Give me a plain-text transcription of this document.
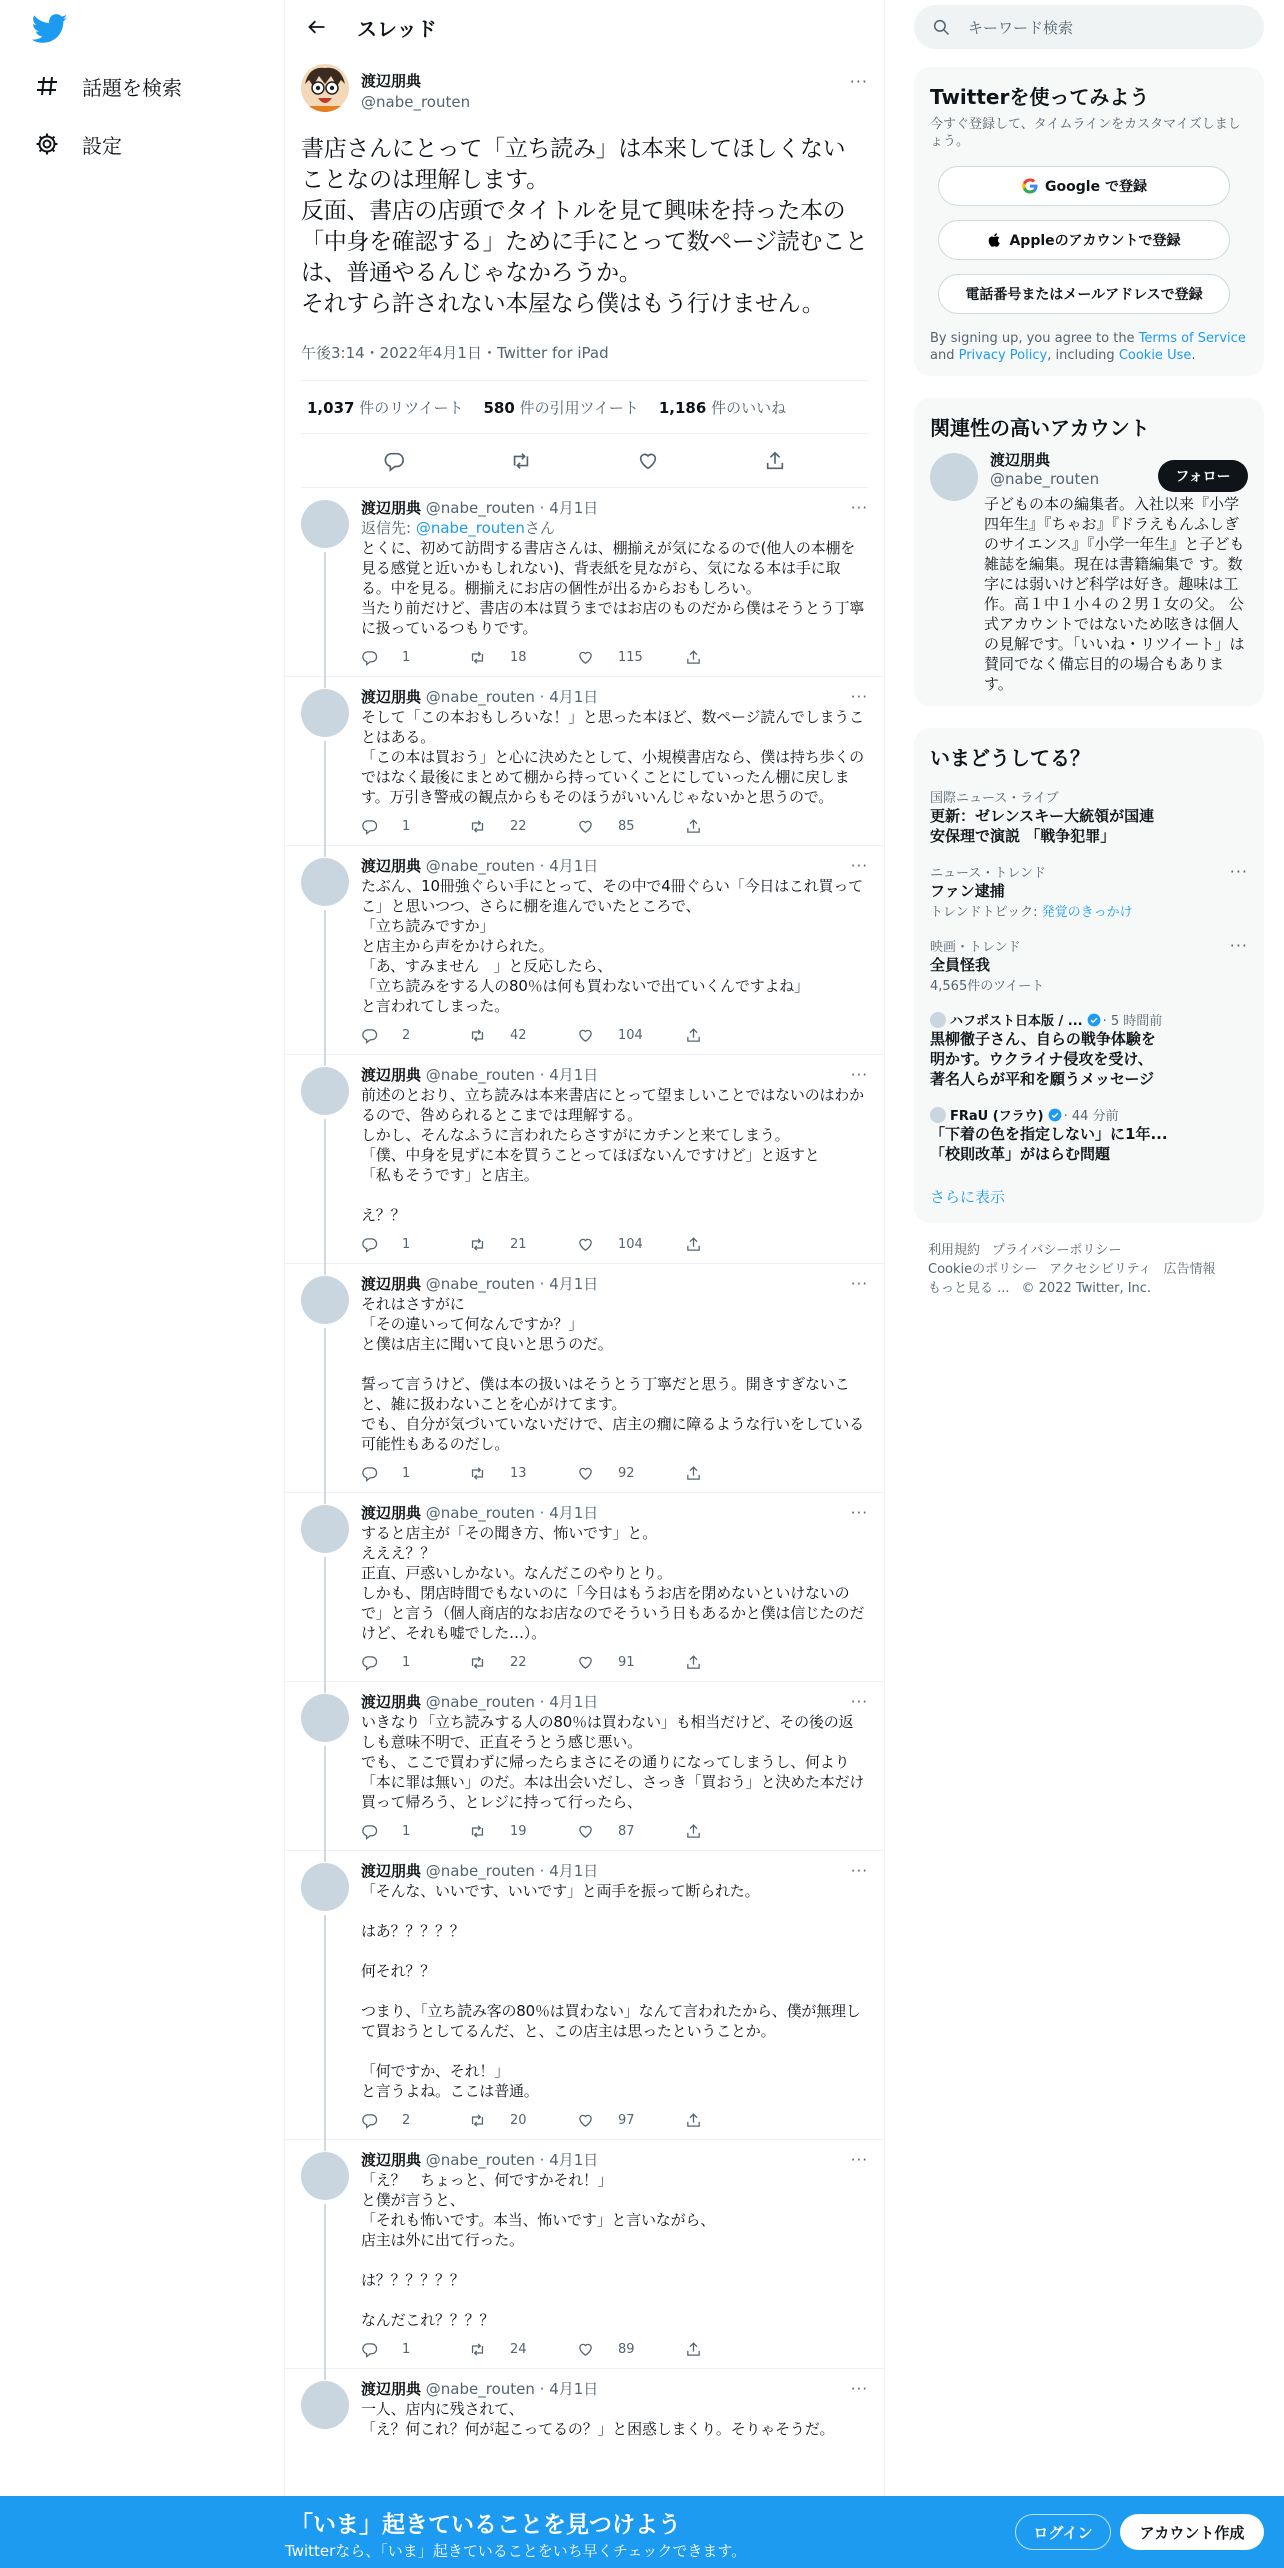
話題を検索
設定
スレッド
渡辺朋典
@nabe_routen
···
書店さんにとって「立ち読み」は本来してほしくないことなのは理解します。
反面、書店の店頭でタイトルを見て興味を持った本の「中身を確認する」ために手にとって数ページ読むことは、普通やるんじゃなかろうか。
それすら許されない本屋なら僕はもう行けません。
午後3:14・2022年4月1日・Twitter for iPad
1,037 件のリツイート 580 件の引用ツイート 1,186 件のいいね
渡辺朋典 @nabe_routen · 4月1日	···
返信先: @nabe_routenさん
とくに、初めて訪問する書店さんは、棚揃えが気になるので(他人の本棚を見る感覚と近いかもしれない)、背表紙を見ながら、気になる本は手に取る。中を見る。棚揃えにお店の個性が出るからおもしろい。
当たり前だけど、書店の本は買うまではお店のものだから僕はそうとう丁寧に扱っているつもりです。
1	18	115
渡辺朋典 @nabe_routen · 4月1日	···
そして「この本おもしろいな！」と思った本ほど、数ページ読んでしまうことはある。
「この本は買おう」と心に決めたとして、小規模書店なら、僕は持ち歩くのではなく最後にまとめて棚から持っていくことにしていったん棚に戻します。万引き警戒の観点からもそのほうがいいんじゃないかと思うので。
1	22	85
渡辺朋典 @nabe_routen · 4月1日	···
たぶん、10冊強ぐらい手にとって、その中で4冊ぐらい「今日はこれ買ってこ」と思いつつ、さらに棚を進んでいたところで、
「立ち読みですか」
と店主から声をかけられた。
「あ、すみません　」と反応したら、
「立ち読みをする人の80％は何も買わないで出ていくんですよね」
と言われてしまった。
2	42	104
渡辺朋典 @nabe_routen · 4月1日	···
前述のとおり、立ち読みは本来書店にとって望ましいことではないのはわかるので、咎められるとこまでは理解する。
しかし、そんなふうに言われたらさすがにカチンと来てしまう。
「僕、中身を見ずに本を買うことってほぼないんですけど」と返すと
「私もそうです」と店主。

え？？
1	21	104
渡辺朋典 @nabe_routen · 4月1日	···
それはさすがに
「その違いって何なんですか？」
と僕は店主に聞いて良いと思うのだ。

誓って言うけど、僕は本の扱いはそうとう丁寧だと思う。開きすぎないこと、雑に扱わないことを心がけてます。
でも、自分が気づいていないだけで、店主の癇に障るような行いをしている可能性もあるのだし。
1	13	92
渡辺朋典 @nabe_routen · 4月1日	···
すると店主が「その聞き方、怖いです」と。
えええ？？
正直、戸惑いしかない。なんだこのやりとり。
しかも、閉店時間でもないのに「今日はもうお店を閉めないといけないので」と言う（個人商店的なお店なのでそういう日もあるかと僕は信じたのだけど、それも嘘でした…）。
1	22	91
渡辺朋典 @nabe_routen · 4月1日	···
いきなり「立ち読みする人の80％は買わない」も相当だけど、その後の返しも意味不明で、正直そうとう感じ悪い。
でも、ここで買わずに帰ったらまさにその通りになってしまうし、何より「本に罪は無い」のだ。本は出会いだし、さっき「買おう」と決めた本だけ買って帰ろう、とレジに持って行ったら、
1	19	87
渡辺朋典 @nabe_routen · 4月1日	···
「そんな、いいです、いいです」と両手を振って断られた。

はあ？？？？？

何それ？？

つまり、「立ち読み客の80％は買わない」なんて言われたから、僕が無理して買おうとしてるんだ、と、この店主は思ったということか。

「何ですか、それ！」
と言うよね。ここは普通。
2	20	97
渡辺朋典 @nabe_routen · 4月1日	···
「え？　ちょっと、何ですかそれ！」
と僕が言うと、
「それも怖いです。本当、怖いです」と言いながら、
店主は外に出て行った。

は？？？？？？

なんだこれ？？？？
1	24	89
渡辺朋典 @nabe_routen · 4月1日	···
一人、店内に残されて、
「え？何これ？何が起こってるの？」と困惑しまくり。そりゃそうだ。
キーワード検索
Twitterを使ってみよう
今すぐ登録して、タイムラインをカスタマイズしましょう。
Google で登録
Appleのアカウントで登録
電話番号またはメールアドレスで登録
By signing up, you agree to the Terms of Service and Privacy Policy, including Cookie Use.
関連性の高いアカウント
渡辺朋典
@nabe_routen
子どもの本の編集者。入社以来『小学四年生』『ちゃお』『ドラえもんふしぎのサイエンス』『小学一年生』と子ども雑誌を編集。現在は書籍編集で す。数字には弱いけど科学は好き。趣味は工作。高１中１小４の２男１女の父。 公式アカウントではないため呟きは個人の見解です。「いいね・リツイート」は賛同でなく備忘目的の場合もあります。
フォロー
いまどうしてる？
国際ニュース・ライブ
更新：ゼレンスキー大統領が国連
安保理で演説 「戦争犯罪」
ニュース・トレンド
ファン逮捕
トレンドトピック: 発覚のきっかけ
···
映画・トレンド
全員怪我
4,565件のツイート
···
ハフポスト日本版 / ... · 5 時間前
黒柳徹子さん、自らの戦争体験を
明かす。ウクライナ侵攻を受け、
著名人らが平和を願うメッセージ
FRaU (フラウ) · 44 分前
「下着の色を指定しない」に1年...
「校則改革」がはらむ問題
さらに表示
利用規約 プライバシーポリシー
Cookieのポリシー アクセシビリティ 広告情報
もっと見る ... © 2022 Twitter, Inc.
「いま」起きていることを見つけよう
Twitterなら、「いま」起きていることをいち早くチェックできます。
ログイン	アカウント作成
